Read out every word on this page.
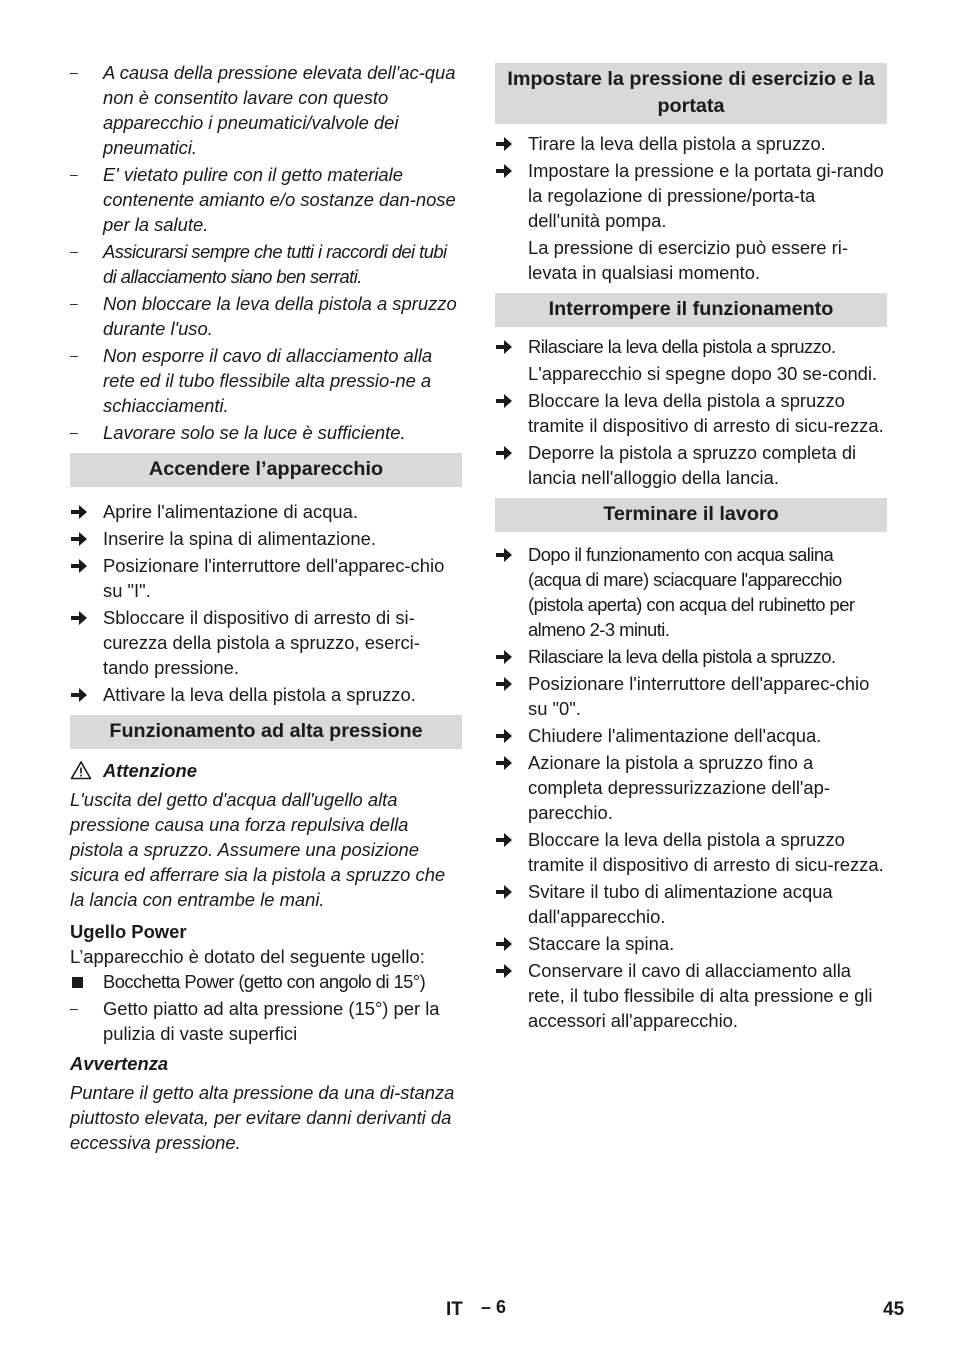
–	A causa della pressione elevata dell'ac-qua non è consentito lavare con questo apparecchio i pneumatici/valvole dei pneumatici.
–	E' vietato pulire con il getto materiale contenente amianto e/o sostanze dan-nose per la salute.
–	Assicurarsi sempre che tutti i raccordi dei tubi di allacciamento siano ben serrati.
–	Non bloccare la leva della pistola a spruzzo durante l'uso.
–	Non esporre il cavo di allacciamento alla rete ed il tubo flessibile alta pressio-ne a schiacciamenti.
–	Lavorare solo se la luce è sufficiente.
Accendere l’apparecchio
Aprire l'alimentazione di acqua.
Inserire la spina di alimentazione.
Posizionare l'interruttore dell'apparec-chio su "I".
Sbloccare il dispositivo di arresto di si-curezza della pistola a spruzzo, eserci-tando pressione.
Attivare la leva della pistola a spruzzo.
Funzionamento ad alta pressione
Attenzione
L'uscita del getto d'acqua dall'ugello alta pressione causa una forza repulsiva della pistola a spruzzo. Assumere una posizione sicura ed afferrare sia la pistola a spruzzo che la lancia con entrambe le mani.
Ugello Power
L’apparecchio è dotato del seguente ugello:
Bocchetta Power (getto con angolo di 15°)
–	Getto piatto ad alta pressione (15°) per la pulizia di vaste superfici
Avvertenza
Puntare il getto alta pressione da una di-stanza piuttosto elevata, per evitare danni derivanti da eccessiva pressione.
Impostare la pressione di esercizio e la portata
Tirare la leva della pistola a spruzzo.
Impostare la pressione e la portata gi-rando la regolazione di pressione/porta-ta dell'unità pompa.
La pressione di esercizio può essere ri-levata in qualsiasi momento.
Interrompere il funzionamento
Rilasciare la leva della pistola a spruzzo.
L'apparecchio si spegne dopo 30 se-condi.
Bloccare la leva della pistola a spruzzo tramite il dispositivo di arresto di sicu-rezza.
Deporre la pistola a spruzzo completa di lancia nell'alloggio della lancia.
Terminare il lavoro
Dopo il funzionamento con acqua salina (acqua di mare) sciacquare l'apparecchio (pistola aperta) con acqua del rubinetto per almeno 2-3 minuti.
Rilasciare la leva della pistola a spruzzo.
Posizionare l'interruttore dell'apparec-chio su "0".
Chiudere l'alimentazione dell'acqua.
Azionare la pistola a spruzzo fino a completa depressurizzazione dell'ap-parecchio.
Bloccare la leva della pistola a spruzzo tramite il dispositivo di arresto di sicu-rezza.
Svitare il tubo di alimentazione acqua dall'apparecchio.
Staccare la spina.
Conservare il cavo di allacciamento alla rete, il tubo flessibile di alta pressione e gli accessori all'apparecchio.
IT – 6	45
